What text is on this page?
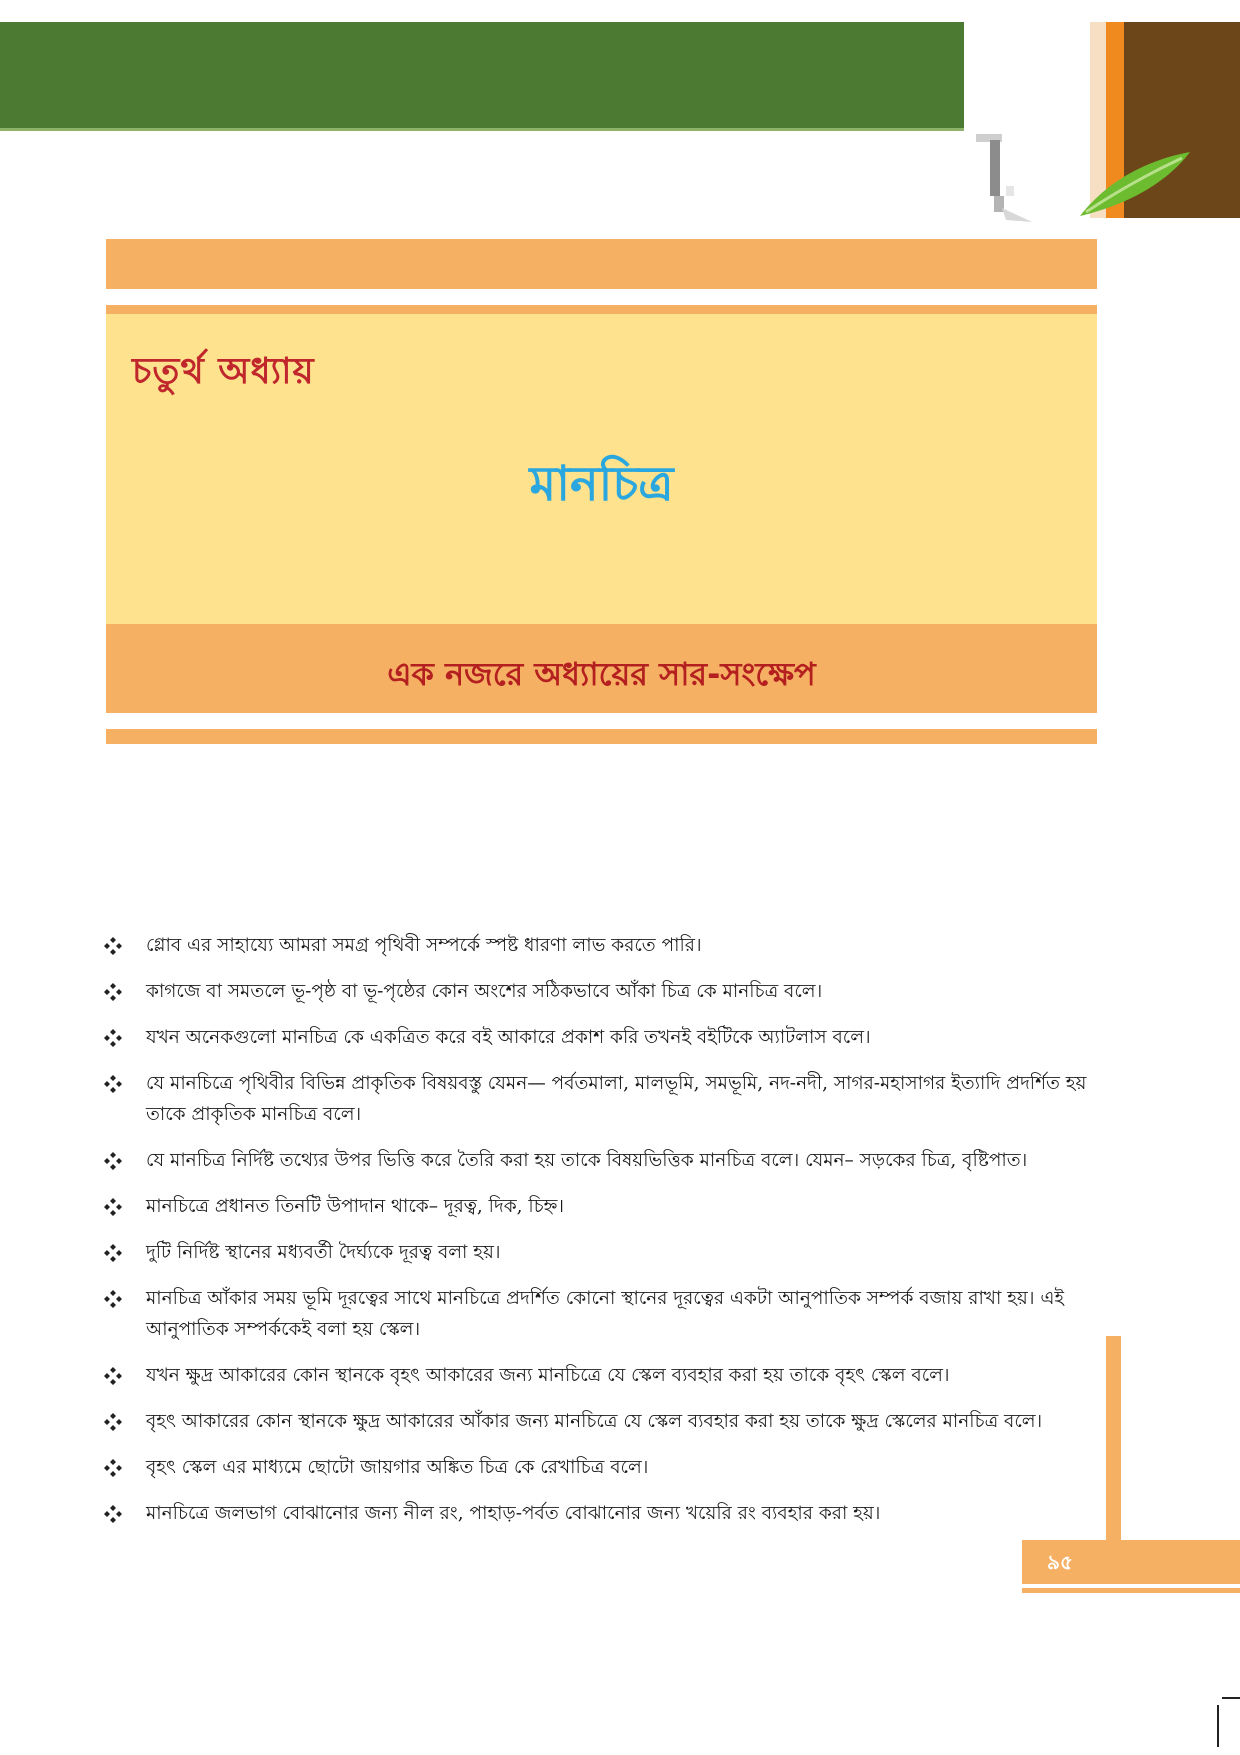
চতুর্থ অধ্যায়
মানচিত্র
এক নজরে অধ্যায়ের সার-সংক্ষেপ
গ্লোব এর সাহায্যে আমরা সমগ্র পৃথিবী সম্পর্কে স্পষ্ট ধারণা লাভ করতে পারি।
কাগজে বা সমতলে ভূ-পৃষ্ঠ বা ভূ-পৃষ্ঠের কোন অংশের সঠিকভাবে আঁকা চিত্র কে মানচিত্র বলে।
যখন অনেকগুলো মানচিত্র কে একত্রিত করে বই আকারে প্রকাশ করি তখনই বইটিকে অ্যাটলাস বলে।
যে মানচিত্রে পৃথিবীর বিভিন্ন প্রাকৃতিক বিষয়বস্তু যেমন— পর্বতমালা, মালভূমি, সমভূমি, নদ-নদী, সাগর-মহাসাগর ইত্যাদি প্রদর্শিত হয় তাকে প্রাকৃতিক মানচিত্র বলে।
যে মানচিত্র নির্দিষ্ট তথ্যের উপর ভিত্তি করে তৈরি করা হয় তাকে বিষয়ভিত্তিক মানচিত্র বলে। যেমন– সড়কের চিত্র, বৃষ্টিপাত।
মানচিত্রে প্রধানত তিনটি উপাদান থাকে– দূরত্ব, দিক, চিহ্ন।
দুটি নির্দিষ্ট স্থানের মধ্যবর্তী দৈর্ঘ্যকে দূরত্ব বলা হয়।
মানচিত্র আঁকার সময় ভূমি দূরত্বের সাথে মানচিত্রে প্রদর্শিত কোনো স্থানের দূরত্বের একটা আনুপাতিক সম্পর্ক বজায় রাখা হয়। এই আনুপাতিক সম্পর্ককেই বলা হয় স্কেল।
যখন ক্ষুদ্র আকারের কোন স্থানকে বৃহৎ আকারের জন্য মানচিত্রে যে স্কেল ব্যবহার করা হয় তাকে বৃহৎ স্কেল বলে।
বৃহৎ আকারের কোন স্থানকে ক্ষুদ্র আকারের আঁকার জন্য মানচিত্রে যে স্কেল ব্যবহার করা হয় তাকে ক্ষুদ্র স্কেলের মানচিত্র বলে।
বৃহৎ স্কেল এর মাধ্যমে ছোটো জায়গার অঙ্কিত চিত্র কে রেখাচিত্র বলে।
মানচিত্রে জলভাগ বোঝানোর জন্য নীল রং, পাহাড়-পর্বত বোঝানোর জন্য খয়েরি রং ব্যবহার করা হয়।
৯৫
